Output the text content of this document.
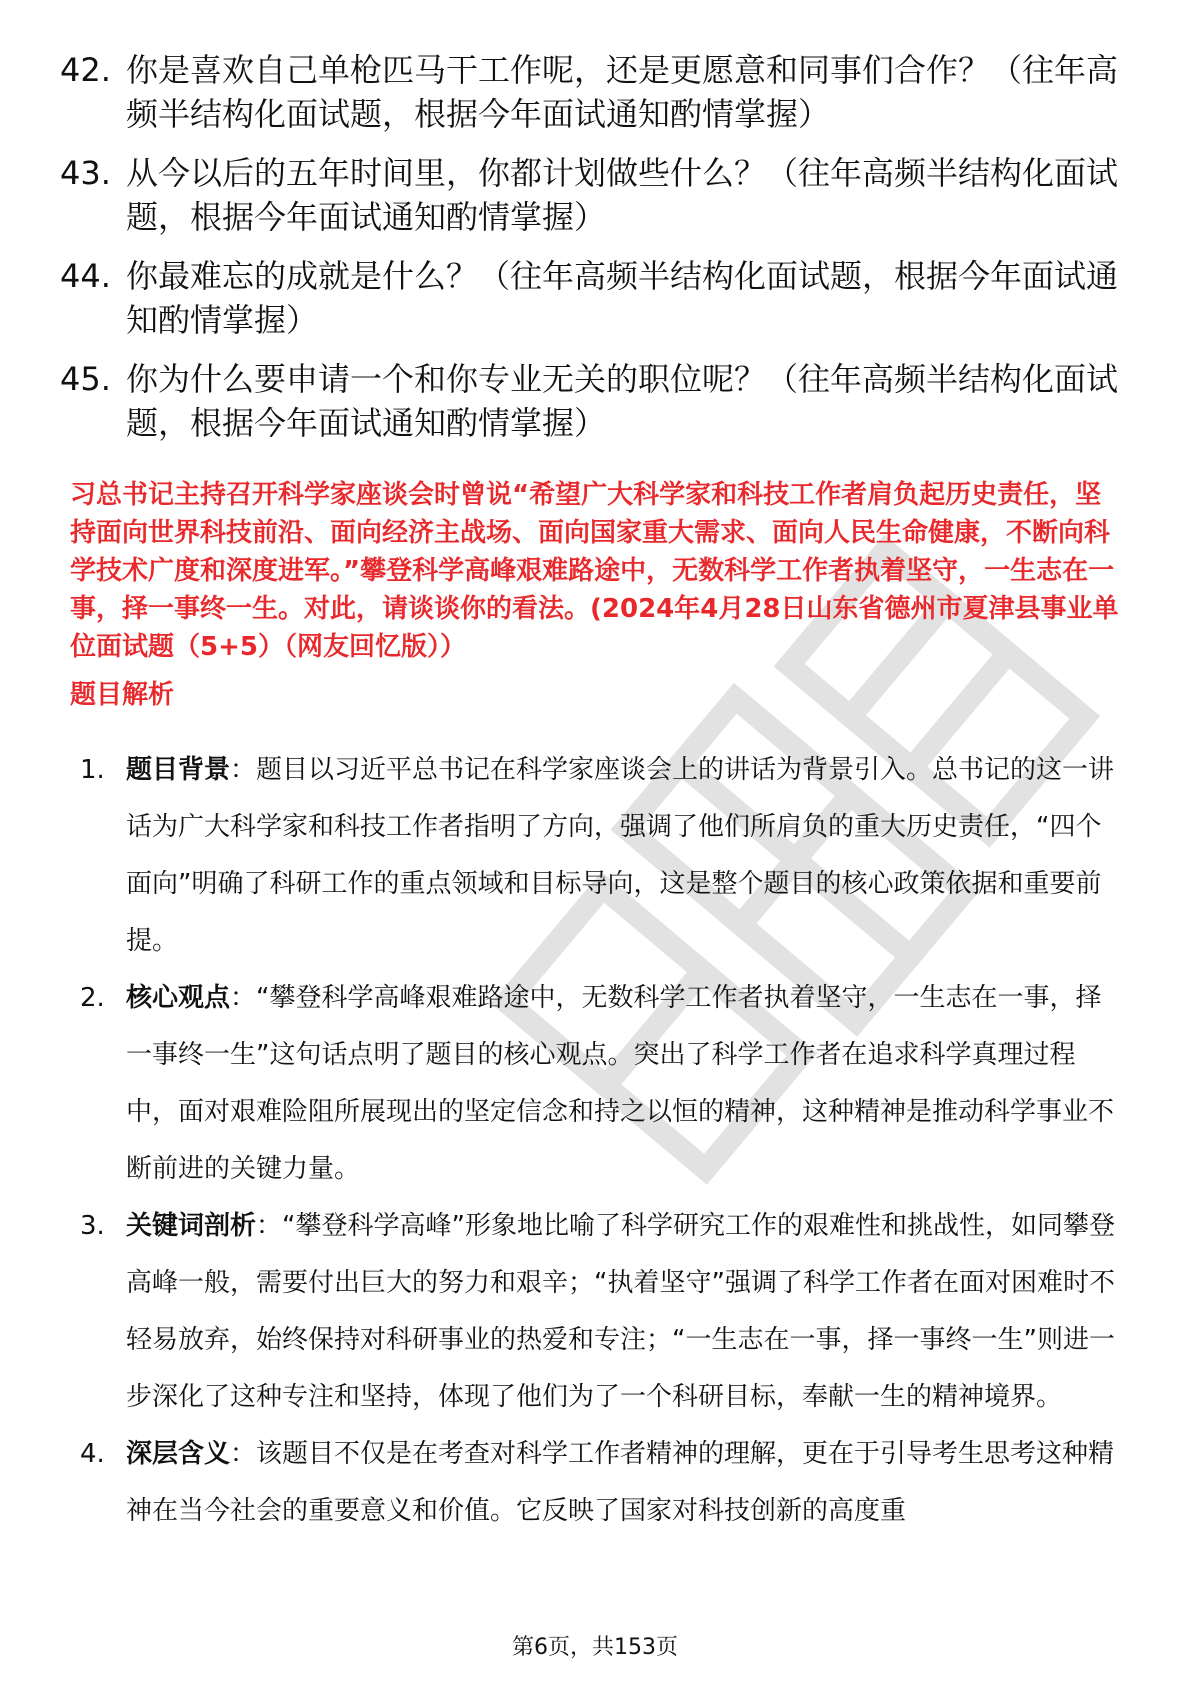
42. 你是喜欢自己单枪匹马干工作呢，还是更愿意和同事们合作？（往年高频半结构化面试题，根据今年面试通知酌情掌握）
43. 从今以后的五年时间里，你都计划做些什么？（往年高频半结构化面试题，根据今年面试通知酌情掌握）
44. 你最难忘的成就是什么？（往年高频半结构化面试题，根据今年面试通知酌情掌握）
45. 你为什么要申请一个和你专业无关的职位呢？（往年高频半结构化面试题，根据今年面试通知酌情掌握）

习总书记主持召开科学家座谈会时曾说“希望广大科学家和科技工作者肩负起历史责任，坚持面向世界科技前沿、面向经济主战场、面向国家重大需求、面向人民生命健康，不断向科学技术广度和深度进军。”攀登科学高峰艰难路途中，无数科学工作者执着坚守，一生志在一事，择一事终一生。对此，请谈谈你的看法。(2024年4月28日山东省德州市夏津县事业单位面试题（5+5）（网友回忆版））

题目解析
1. 题目背景：题目以习近平总书记在科学家座谈会上的讲话为背景引入。总书记的这一讲话为广大科学家和科技工作者指明了方向，强调了他们所肩负的重大历史责任，“四个面向”明确了科研工作的重点领域和目标导向，这是整个题目的核心政策依据和重要前提。
2. 核心观点：“攀登科学高峰艰难路途中，无数科学工作者执着坚守，一生志在一事，择一事终一生”这句话点明了题目的核心观点。突出了科学工作者在追求科学真理过程中，面对艰难险阻所展现出的坚定信念和持之以恒的精神，这种精神是推动科学事业不断前进的关键力量。
3. 关键词剖析：“攀登科学高峰”形象地比喻了科学研究工作的艰难性和挑战性，如同攀登高峰一般，需要付出巨大的努力和艰辛；“执着坚守”强调了科学工作者在面对困难时不轻易放弃，始终保持对科研事业的热爱和专注；“一生志在一事，择一事终一生”则进一步深化了这种专注和坚持，体现了他们为了一个科研目标，奉献一生的精神境界。
4. 深层含义：该题目不仅是在考查对科学工作者精神的理解，更在于引导考生思考这种精神在当今社会的重要意义和价值。它反映了国家对科技创新的高度重
第6页，共153页
